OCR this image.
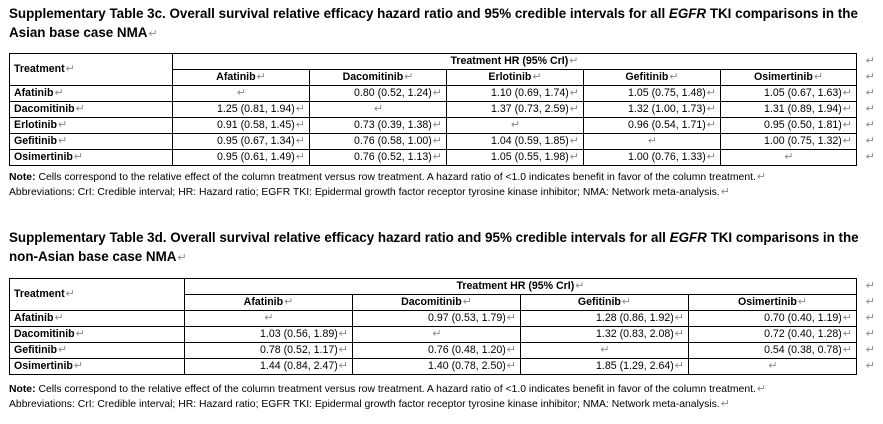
Supplementary Table 3c. Overall survival relative efficacy hazard ratio and 95% credible intervals for all EGFR TKI comparisons in the Asian base case NMA↵
Treatment↵	Treatment HR (95% CrI)↵				
	Afatinib↵	Dacomitinib↵	Erlotinib↵	Gefitinib↵	Osimertinib↵
Afatinib↵	↵	0.80 (0.52, 1.24)↵	1.10 (0.69, 1.74)↵	1.05 (0.75, 1.48)↵	1.05 (0.67, 1.63)↵
Dacomitinib↵	1.25 (0.81, 1.94)↵	↵	1.37 (0.73, 2.59)↵	1.32 (1.00, 1.73)↵	1.31 (0.89, 1.94)↵
Erlotinib↵	0.91 (0.58, 1.45)↵	0.73 (0.39, 1.38)↵	↵	0.96 (0.54, 1.71)↵	0.95 (0.50, 1.81)↵
Gefitinib↵	0.95 (0.67, 1.34)↵	0.76 (0.58, 1.00)↵	1.04 (0.59, 1.85)↵	↵	1.00 (0.75, 1.32)↵
Osimertinib↵	0.95 (0.61, 1.49)↵	0.76 (0.52, 1.13)↵	1.05 (0.55, 1.98)↵	1.00 (0.76, 1.33)↵	↵
Note: Cells correspond to the relative effect of the column treatment versus row treatment. A hazard ratio of <1.0 indicates benefit in favor of the column treatment.↵
Abbreviations: CrI: Credible interval; HR: Hazard ratio; EGFR TKI: Epidermal growth factor receptor tyrosine kinase inhibitor; NMA: Network meta-analysis.↵
Supplementary Table 3d. Overall survival relative efficacy hazard ratio and 95% credible intervals for all EGFR TKI comparisons in the non-Asian base case NMA↵
Treatment↵	Treatment HR (95% CrI)↵			
	Afatinib↵	Dacomitinib↵	Gefitinib↵	Osimertinib↵
Afatinib↵	↵	0.97 (0.53, 1.79)↵	1.28 (0.86, 1.92)↵	0.70 (0.40, 1.19)↵
Dacomitinib↵	1.03 (0.56, 1.89)↵	↵	1.32 (0.83, 2.08)↵	0.72 (0.40, 1.28)↵
Gefitinib↵	0.78 (0.52, 1.17)↵	0.76 (0.48, 1.20)↵	↵	0.54 (0.38, 0.78)↵
Osimertinib↵	1.44 (0.84, 2.47)↵	1.40 (0.78, 2.50)↵	1.85 (1.29, 2.64)↵	↵
Note: Cells correspond to the relative effect of the column treatment versus row treatment. A hazard ratio of <1.0 indicates benefit in favor of the column treatment.↵
Abbreviations: CrI: Credible interval; HR: Hazard ratio; EGFR TKI: Epidermal growth factor receptor tyrosine kinase inhibitor; NMA: Network meta-analysis.↵
↵
↵
↵
↵
↵
↵
↵
↵
↵
↵
↵
↵
↵
